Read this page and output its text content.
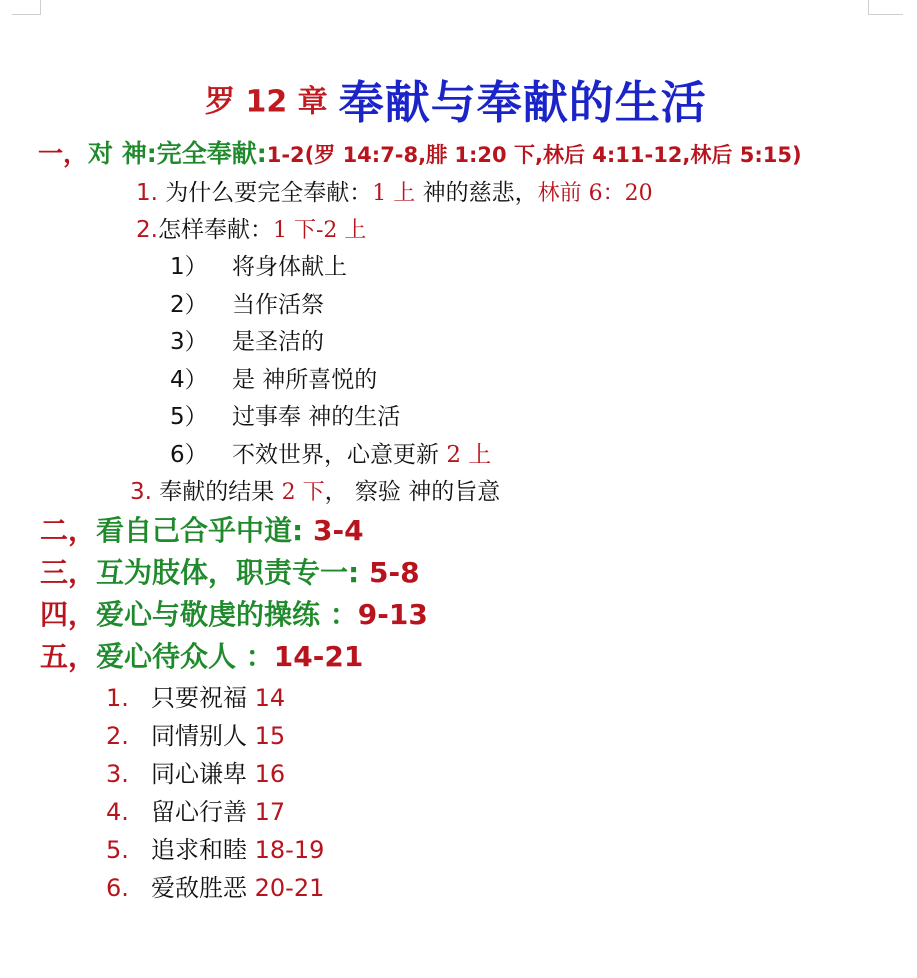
罗 12 章 奉献与奉献的生活
一，对 神:完全奉献:1-2(罗 14:7-8,腓 1:20 下,林后 4:11-12,林后 5:15)
1. 为什么要完全奉献：1 上 神的慈悲，林前 6：20
2.怎样奉献：1 下-2 上
1） 将身体献上
2） 当作活祭
3） 是圣洁的
4） 是 神所喜悦的
5） 过事奉 神的生活
6） 不效世界，心意更新 2 上
3. 奉献的结果 2 下， 察验 神的旨意
二，看自己合乎中道: 3-4
三，互为肢体，职责专一: 5-8
四，爱心与敬虔的操练 ：9-13
五，爱心待众人 ：14-21
1. 只要祝福 14
2. 同情别人 15
3. 同心谦卑 16
4. 留心行善 17
5. 追求和睦 18-19
6. 爱敌胜恶 20-21
